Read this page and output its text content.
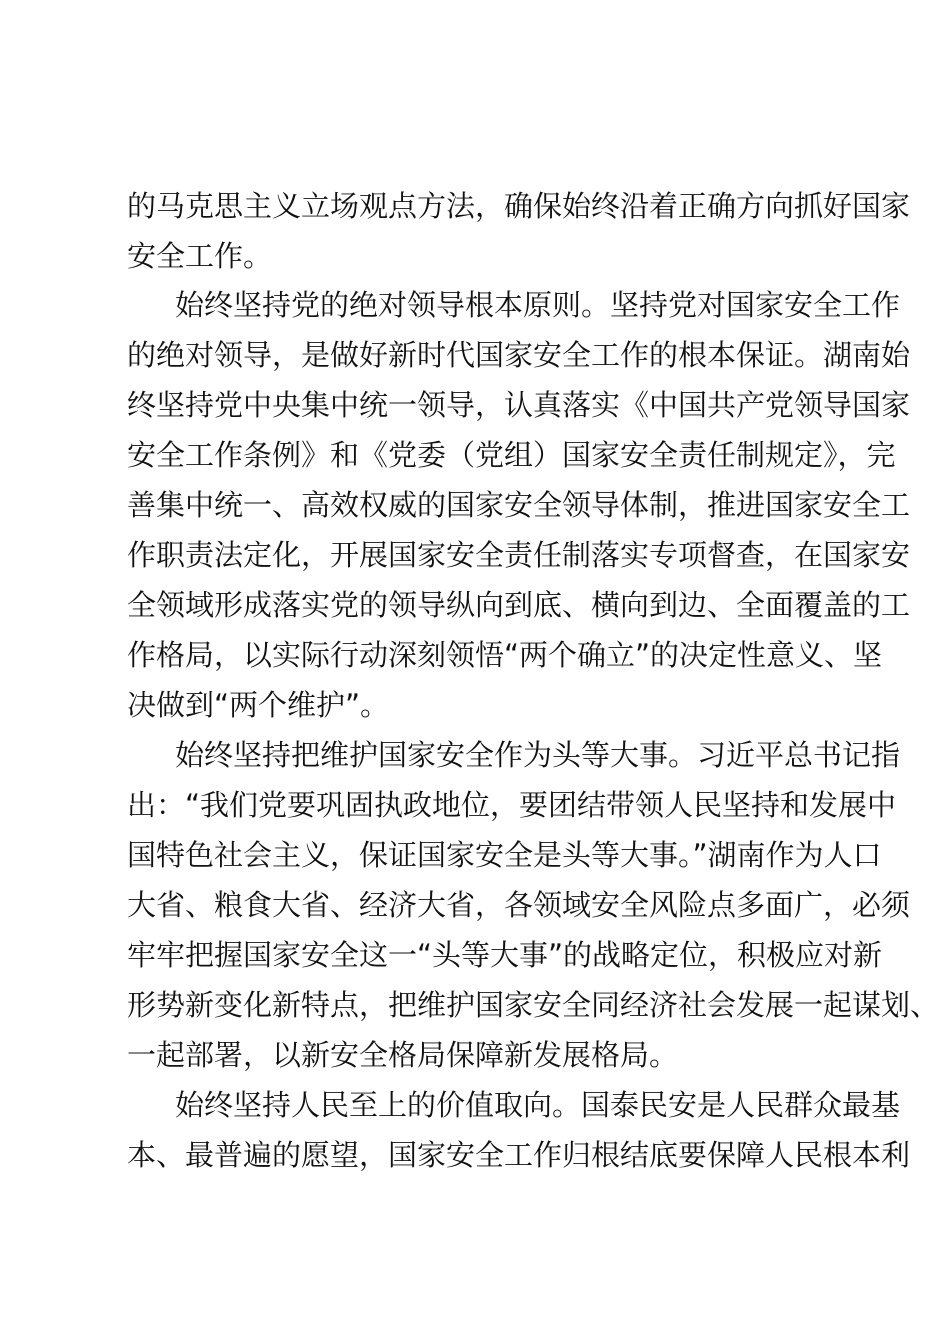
的马克思主义立场观点方法，确保始终沿着正确方向抓好国家
安全工作。
始终坚持党的绝对领导根本原则。坚持党对国家安全工作
的绝对领导，是做好新时代国家安全工作的根本保证。湖南始
终坚持党中央集中统一领导，认真落实《中国共产党领导国家
安全工作条例》和《党委（党组）国家安全责任制规定》，完
善集中统一、高效权威的国家安全领导体制，推进国家安全工
作职责法定化，开展国家安全责任制落实专项督查，在国家安
全领域形成落实党的领导纵向到底、横向到边、全面覆盖的工
作格局，以实际行动深刻领悟“两个确立”的决定性意义、坚
决做到“两个维护”。
始终坚持把维护国家安全作为头等大事。习近平总书记指
出：“我们党要巩固执政地位，要团结带领人民坚持和发展中
国特色社会主义，保证国家安全是头等大事。”湖南作为人口
大省、粮食大省、经济大省，各领域安全风险点多面广，必须
牢牢把握国家安全这一“头等大事”的战略定位，积极应对新
形势新变化新特点，把维护国家安全同经济社会发展一起谋划、
一起部署，以新安全格局保障新发展格局。
始终坚持人民至上的价值取向。国泰民安是人民群众最基
本、最普遍的愿望，国家安全工作归根结底要保障人民根本利
